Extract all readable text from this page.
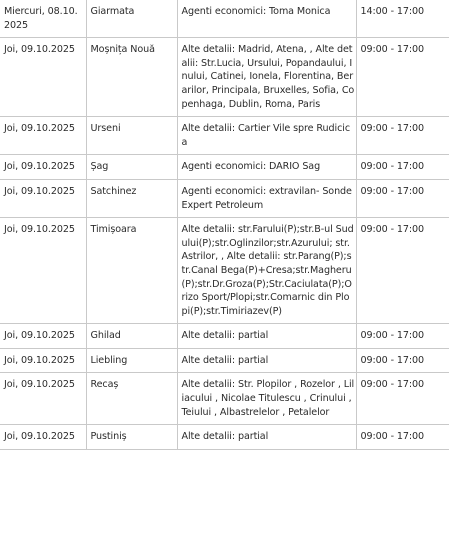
Miercuri, 08.10.2025	Giarmata	Agenti economici: Toma Monica	14:00 - 17:00
Joi, 09.10.2025	Moșnița Nouă	Alte detalii: Madrid, Atena, , Alte detalii: Str.Lucia, Ursului, Popandaului, Inului, Catinei, Ionela, Florentina, Berarilor, Principala, Bruxelles, Sofia, Copenhaga, Dublin, Roma, Paris	09:00 - 17:00
Joi, 09.10.2025	Urseni	Alte detalii: Cartier Vile spre Rudicica	09:00 - 17:00
Joi, 09.10.2025	Șag	Agenti economici: DARIO Sag	09:00 - 17:00
Joi, 09.10.2025	Satchinez	Agenti economici: extravilan- Sonde Expert Petroleum	09:00 - 17:00
Joi, 09.10.2025	Timișoara	Alte detalii: str.Farului(P);str.B-ul Sudului(P);str.Oglinzilor;str.Azurului; str.Astrilor, , Alte detalii: str.Parang(P);str.Canal Bega(P)+Cresa;str.Magheru(P);str.Dr.Groza(P);Str.Caciulata(P);Orizo Sport/Plopi;str.Comarnic din Plopi(P);str.Timiriazev(P)	09:00 - 17:00
Joi, 09.10.2025	Ghilad	Alte detalii: partial	09:00 - 17:00
Joi, 09.10.2025	Liebling	Alte detalii: partial	09:00 - 17:00
Joi, 09.10.2025	Recaș	Alte detalii: Str. Plopilor , Rozelor , Liliacului , Nicolae Titulescu , Crinului , Teiului , Albastrelelor , Petalelor	09:00 - 17:00
Joi, 09.10.2025	Pustiniș	Alte detalii: partial	09:00 - 17:00
